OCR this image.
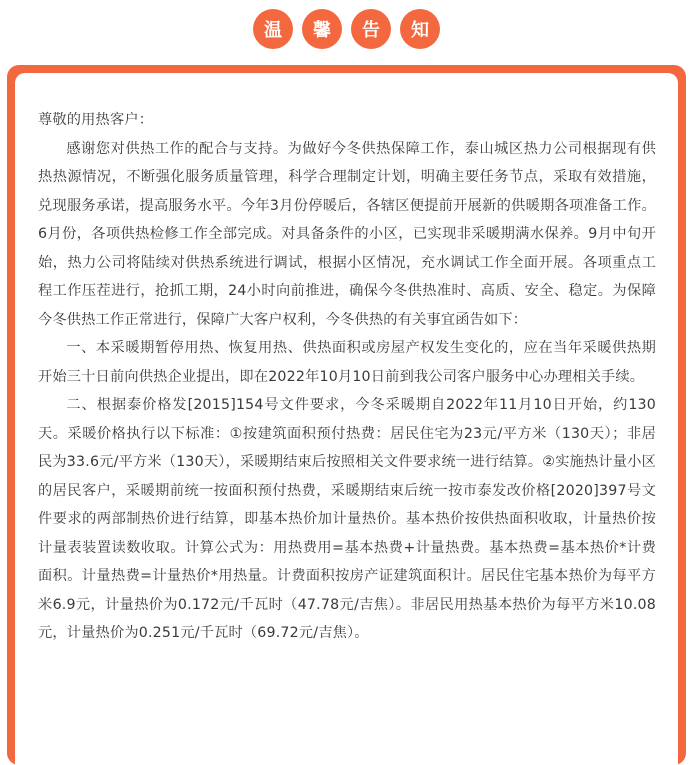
温	馨	告	知

尊敬的用热客户：

感谢您对供热工作的配合与支持。为做好今冬供热保障工作，泰山城区热力公司根据现有供热热源情况，不断强化服务质量管理，科学合理制定计划，明确主要任务节点，采取有效措施，兑现服务承诺，提高服务水平。今年3月份停暖后，各辖区便提前开展新的供暖期各项准备工作。6月份，各项供热检修工作全部完成。对具备条件的小区，已实现非采暖期满水保养。9月中旬开始，热力公司将陆续对供热系统进行调试，根据小区情况，充水调试工作全面开展。各项重点工程工作压茬进行，抢抓工期，24小时向前推进，确保今冬供热准时、高质、安全、稳定。为保障今冬供热工作正常进行，保障广大客户权利，今冬供热的有关事宜函告如下：

一、本采暖期暂停用热、恢复用热、供热面积或房屋产权发生变化的，应在当年采暖供热期开始三十日前向供热企业提出，即在2022年10月10日前到我公司客户服务中心办理相关手续。

二、根据泰价格发[2015]154号文件要求，今冬采暖期自2022年11月10日开始，约130天。采暖价格执行以下标准：①按建筑面积预付热费：居民住宅为23元/平方米（130天）；非居民为33.6元/平方米（130天），采暖期结束后按照相关文件要求统一进行结算。②实施热计量小区的居民客户，采暖期前统一按面积预付热费，采暖期结束后统一按市泰发改价格[2020]397号文件要求的两部制热价进行结算，即基本热价加计量热价。基本热价按供热面积收取，计量热价按计量表装置读数收取。计算公式为：用热费用=基本热费+计量热费。基本热费=基本热价*计费面积。计量热费=计量热价*用热量。计费面积按房产证建筑面积计。居民住宅基本热价为每平方米6.9元，计量热价为0.172元/千瓦时（47.78元/吉焦）。非居民用热基本热价为每平方米10.08元，计量热价为0.251元/千瓦时（69.72元/吉焦）。
